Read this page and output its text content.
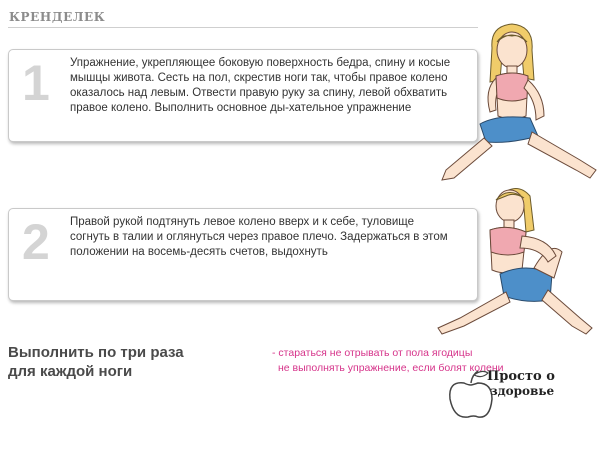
КРЕНДЕЛЕК
1 Упражнение, укрепляющее боковую поверхность бедра, спину и косые мышцы живота. Сесть на пол, скрестив ноги так, чтобы правое колено оказалось над левым. Отвести правую руку за спину, левой обхватить правое колено. Выполнить основное ды-хательное упражнение
2 Правой рукой подтянуть левое колено вверх и к себе, туловище согнуть в талии и оглянуться через правое плечо. Задержаться в этом положении на восемь-десять счетов, выдохнуть
Выполнить по три раза
для каждой ноги
- стараться не отрывать от пола ягодицы
не выполнять упражнение, если болят колени
Просто о
здоровье
